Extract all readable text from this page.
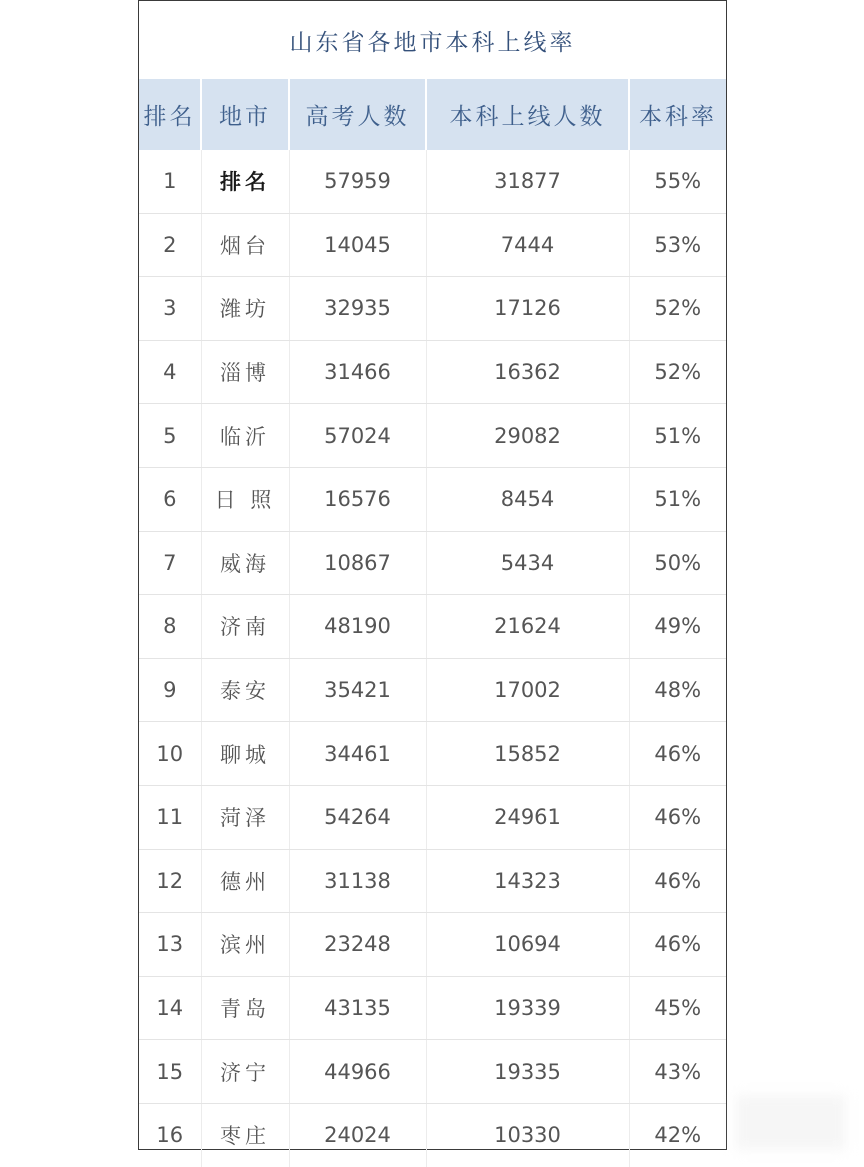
山东省各地市本科上线率
排名	地市	高考人数	本科上线人数	本科率
1	排名	57959	31877	55%
2	烟台	14045	7444	53%
3	潍坊	32935	17126	52%
4	淄博	31466	16362	52%
5	临沂	57024	29082	51%
6	日 照	16576	8454	51%
7	威海	10867	5434	50%
8	济南	48190	21624	49%
9	泰安	35421	17002	48%
10	聊城	34461	15852	46%
11	菏泽	54264	24961	46%
12	德州	31138	14323	46%
13	滨州	23248	10694	46%
14	青岛	43135	19339	45%
15	济宁	44966	19335	43%
16	枣庄	24024	10330	42%
